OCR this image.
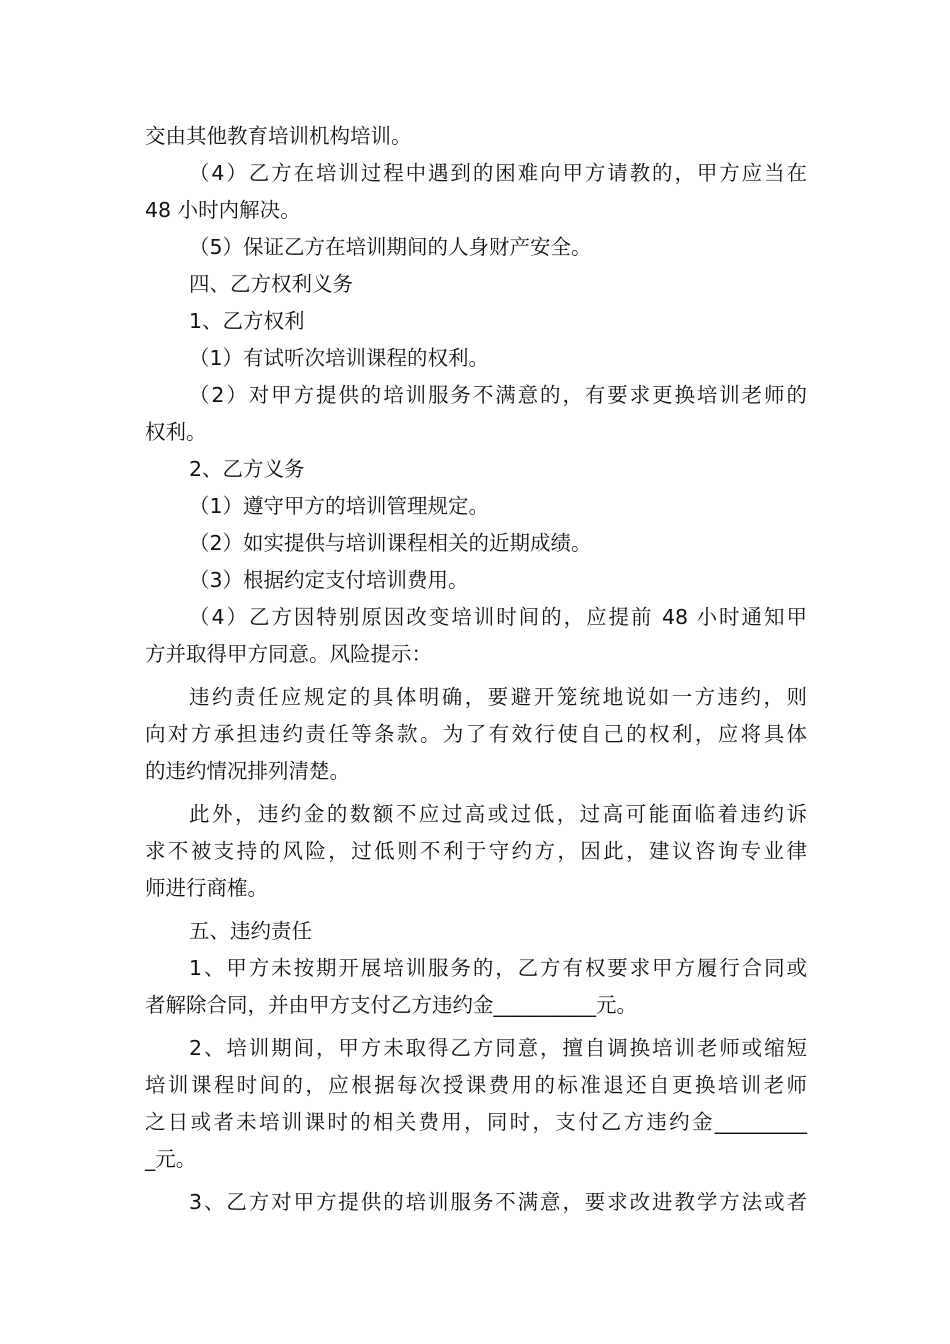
交由其他教育培训机构培训。
（4）乙方在培训过程中遇到的困难向甲方请教的，甲方应当在
48 小时内解决。
（5）保证乙方在培训期间的人身财产安全。
四、乙方权利义务
1、乙方权利
（1）有试听次培训课程的权利。
（2）对甲方提供的培训服务不满意的，有要求更换培训老师的
权利。
2、乙方义务
（1）遵守甲方的培训管理规定。
（2）如实提供与培训课程相关的近期成绩。
（3）根据约定支付培训费用。
（4）乙方因特别原因改变培训时间的，应提前 48 小时通知甲
方并取得甲方同意。风险提示：
违约责任应规定的具体明确，要避开笼统地说如一方违约，则
向对方承担违约责任等条款。为了有效行使自己的权利，应将具体
的违约情况排列清楚。
此外，违约金的数额不应过高或过低，过高可能面临着违约诉
求不被支持的风险，过低则不利于守约方，因此，建议咨询专业律
师进行商榷。
五、违约责任
1、甲方未按期开展培训服务的，乙方有权要求甲方履行合同或
者解除合同，并由甲方支付乙方违约金__________元。
2、培训期间，甲方未取得乙方同意，擅自调换培训老师或缩短
培训课程时间的，应根据每次授课费用的标准退还自更换培训老师
之日或者未培训课时的相关费用，同时，支付乙方违约金_________
_元。
3、乙方对甲方提供的培训服务不满意，要求改进教学方法或者
